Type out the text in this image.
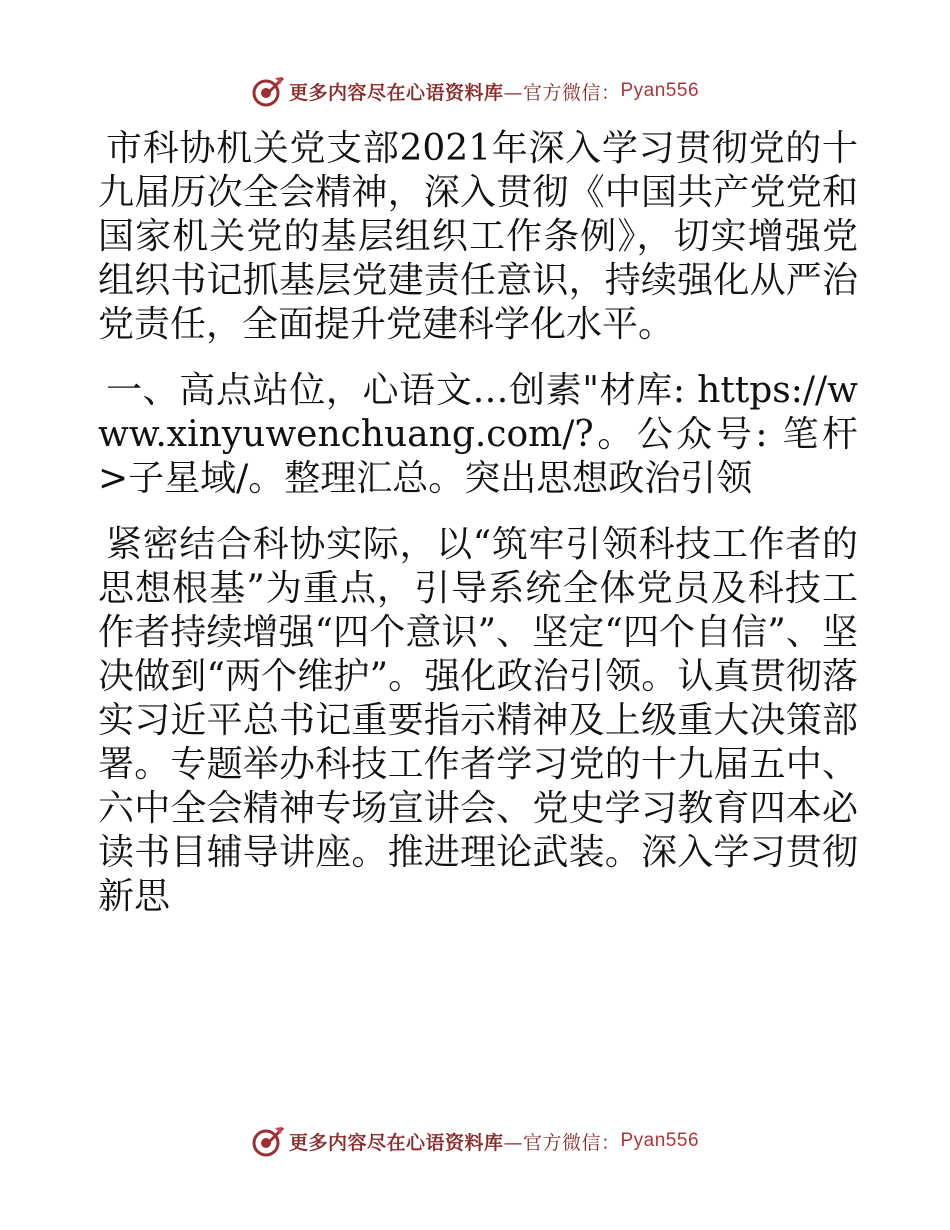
更多内容尽在心语资料库 —官方微信： Pyan556

市科协机关党支部2021年深入学习贯彻党的十九届历次全会精神，深入贯彻《中国共产党党和国家机关党的基层组织工作条例》，切实增强党组织书记抓基层党建责任意识，持续强化从严治党责任，全面提升党建科学化水平。

一、高点站位，心语文…创素"材库: https://www.xinyuwenchuang.com/?。公众号: 笔杆>子星域/。整理汇总。突出思想政治引领

紧密结合科协实际，以“筑牢引领科技工作者的思想根基”为重点，引导系统全体党员及科技工作者持续增强“四个意识”、坚定“四个自信”、坚决做到“两个维护”。强化政治引领。认真贯彻落实习近平总书记重要指示精神及上级重大决策部署。专题举办科技工作者学习党的十九届五中、六中全会精神专场宣讲会、党史学习教育四本必读书目辅导讲座。推进理论武装。深入学习贯彻新思

更多内容尽在心语资料库 —官方微信： Pyan556
